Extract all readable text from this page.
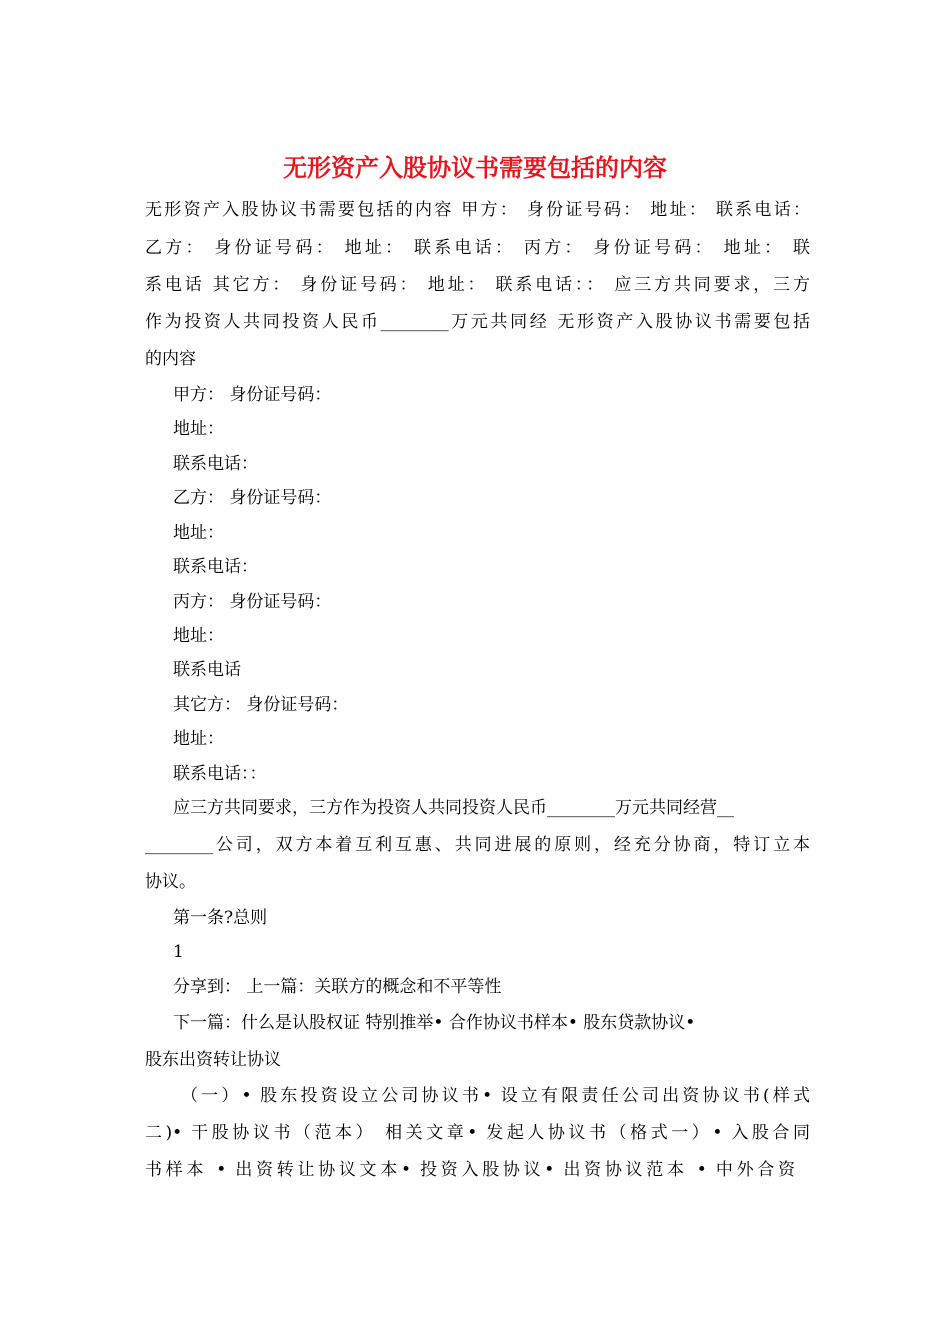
无形资产入股协议书需要包括的内容
无形资产入股协议书需要包括的内容 甲方： 身份证号码： 地址： 联系电话：
乙方： 身份证号码： 地址： 联系电话： 丙方： 身份证号码： 地址： 联
系电话 其它方： 身份证号码： 地址： 联系电话：： 应三方共同要求，三方
作为投资人共同投资人民币________万元共同经 无形资产入股协议书需要包括
的内容
甲方： 身份证号码：
地址：
联系电话：
乙方： 身份证号码：
地址：
联系电话：
丙方： 身份证号码：
地址：
联系电话
其它方： 身份证号码：
地址：
联系电话：：
应三方共同要求，三方作为投资人共同投资人民币________万元共同经营__
________公司，双方本着互利互惠、共同进展的原则，经充分协商，特订立本
协议。
第一条?总则
1
分享到： 上一篇：关联方的概念和不平等性
下一篇：什么是认股权证 特别推举• 合作协议书样本• 股东贷款协议•
股东出资转让协议
（一）• 股东投资设立公司协议书• 设立有限责任公司出资协议书(样式
二)• 干股协议书（范本） 相关文章• 发起人协议书（格式一）• 入股合同
书样本 • 出资转让协议文本• 投资入股协议• 出资协议范本 • 中外合资
